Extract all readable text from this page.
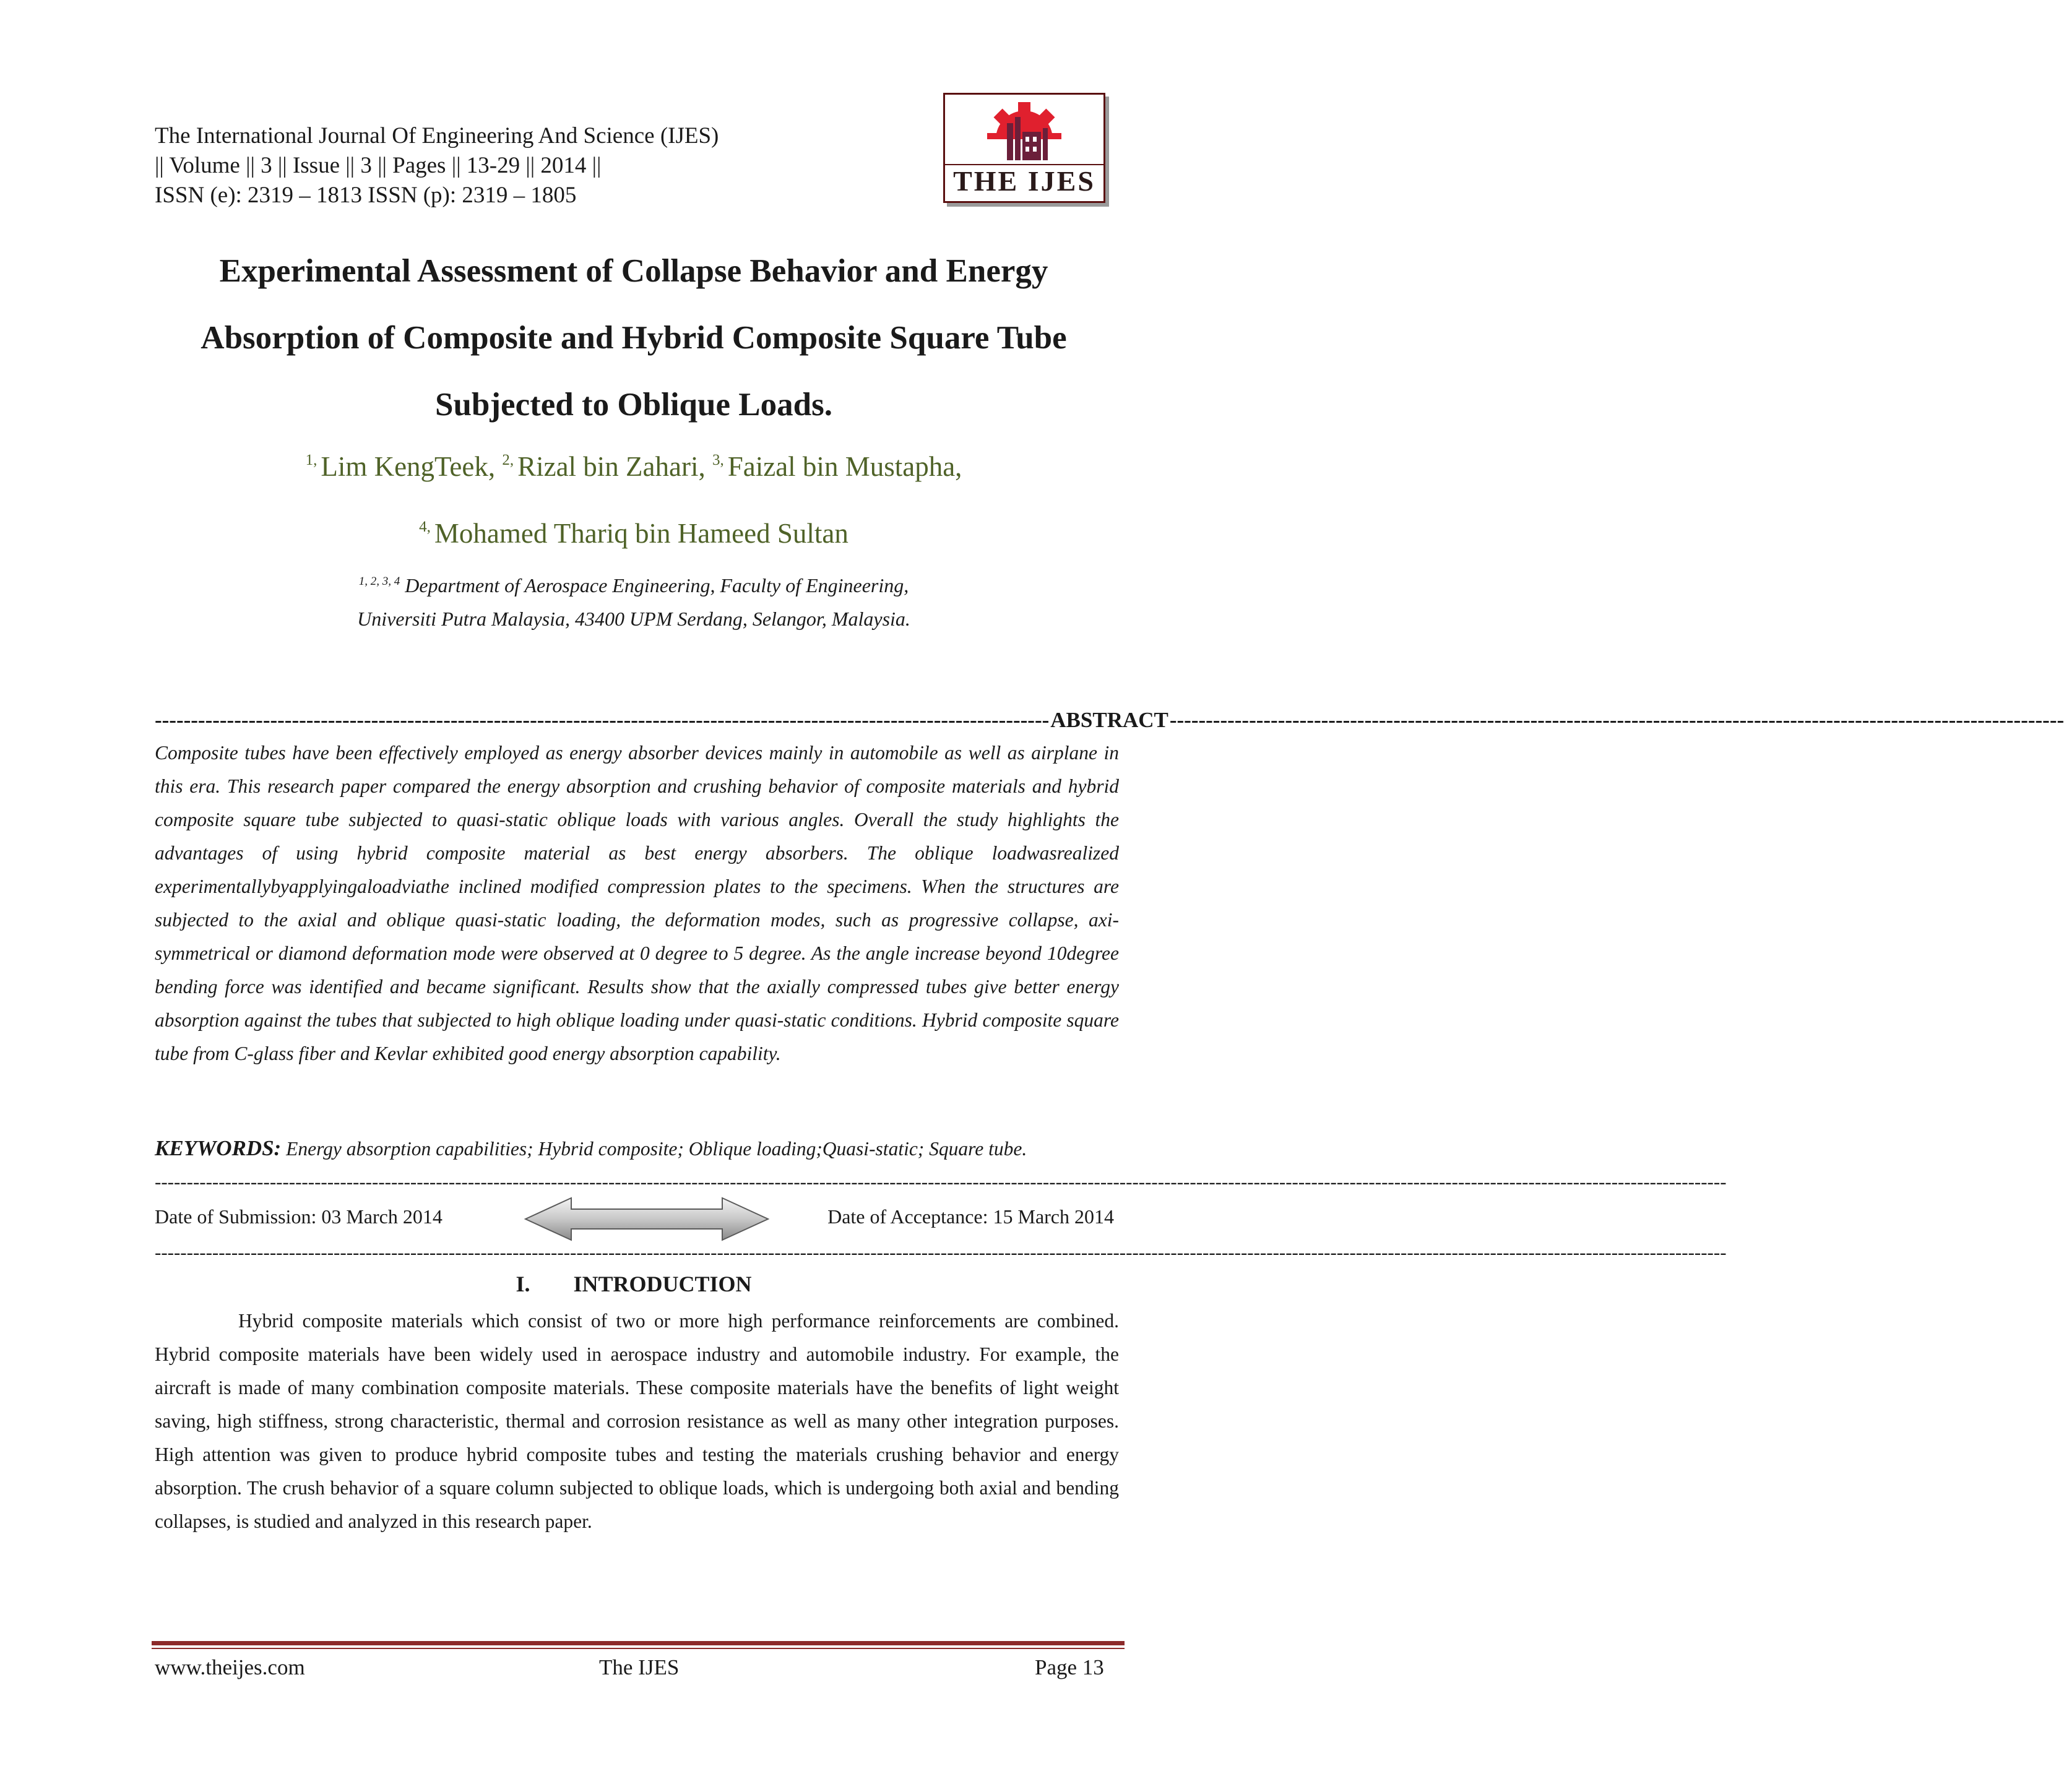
The International Journal Of Engineering And Science (IJES)
|| Volume || 3 || Issue || 3 || Pages || 13-29 || 2014 ||
ISSN (e): 2319 – 1813 ISSN (p): 2319 – 1805	THE IJES
Experimental Assessment of Collapse Behavior and Energy
Absorption of Composite and Hybrid Composite Square Tube
Subjected to Oblique Loads.
$^{1,}$ Lim KengTeek, $^{2,}$ Rizal bin Zahari, $^{3,}$ Faizal bin Mustapha,
$^{4,}$ Mohamed Thariq bin Hameed Sultan
$^{1, 2, 3, 4}$ Department of Aerospace Engineering, Faculty of Engineering,
Universiti Putra Malaysia, 43400 UPM Serdang, Selangor, Malaysia.
---------------------------------------------------------------------------------------------------------------------------- ABSTRACT ----------------------------------------------------------------------------------------------------------------------------
Composite tubes have been effectively employed as energy absorber devices mainly in automobile as well as airplane in this era. This research paper compared the energy absorption and crushing behavior of composite materials and hybrid composite square tube subjected to quasi-static oblique loads with various angles. Overall the study highlights the advantages of using hybrid composite material as best energy absorbers. The oblique loadwasrealized experimentallybyapplyingaloadviathe inclined modified compression plates to the specimens. When the structures are subjected to the axial and oblique quasi-static loading, the deformation modes, such as progressive collapse, axi-symmetrical or diamond deformation mode were observed at 0 degree to 5 degree. As the angle increase beyond 10degree bending force was identified and became significant. Results show that the axially compressed tubes give better energy absorption against the tubes that subjected to high oblique loading under quasi-static conditions. Hybrid composite square tube from C-glass fiber and Kevlar exhibited good energy absorption capability.
KEYWORDS: Energy absorption capabilities; Hybrid composite; Oblique loading;Quasi-static; Square tube.
------------------------------------------------------------------------------------------------------------------------------------------------------------------------------------------------------------------------------------------------------
Date of Submission: 03 March 2014	Date of Acceptance: 15 March 2014
------------------------------------------------------------------------------------------------------------------------------------------------------------------------------------------------------------------------------------------------------
I. INTRODUCTION
Hybrid composite materials which consist of two or more high performance reinforcements are combined. Hybrid composite materials have been widely used in aerospace industry and automobile industry. For example, the aircraft is made of many combination composite materials. These composite materials have the benefits of light weight saving, high stiffness, strong characteristic, thermal and corrosion resistance as well as many other integration purposes. High attention was given to produce hybrid composite tubes and testing the materials crushing behavior and energy absorption. The crush behavior of a square column subjected to oblique loads, which is undergoing both axial and bending collapses, is studied and analyzed in this research paper.
www.theijes.com	The IJES	Page 13
